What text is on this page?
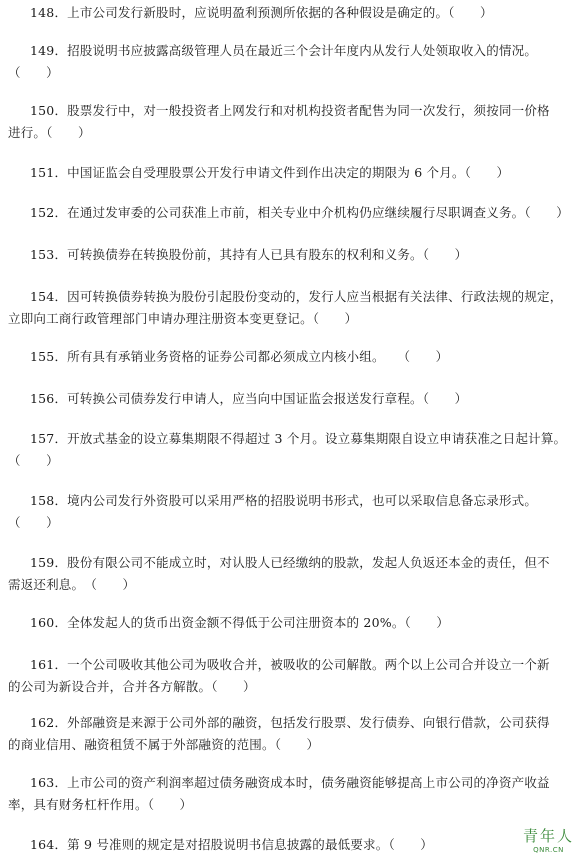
148．上市公司发行新股时，应说明盈利预测所依据的各种假设是确定的。（　　）

149．招股说明书应披露高级管理人员在最近三个会计年度内从发行人处领取收入的情况。
（　　）

150．股票发行中，对一般投资者上网发行和对机构投资者配售为同一次发行，须按同一价格
进行。（　　）

151．中国证监会自受理股票公开发行申请文件到作出决定的期限为 6 个月。（　　）

152．在通过发审委的公司获准上市前，相关专业中介机构仍应继续履行尽职调查义务。（　　）

153．可转换债券在转换股份前，其持有人已具有股东的权利和义务。（　　）

154．因可转换债券转换为股份引起股份变动的，发行人应当根据有关法律、行政法规的规定，
立即向工商行政管理部门申请办理注册资本变更登记。（　　）

155．所有具有承销业务资格的证券公司都必须成立内核小组。　　（　　）

156．可转换公司债券发行申请人，应当向中国证监会报送发行章程。（　　）

157．开放式基金的设立募集期限不得超过 3 个月。设立募集期限自设立申请获准之日起计算。
（　　）

158．境内公司发行外资股可以采用严格的招股说明书形式，也可以采取信息备忘录形式。
（　　）

159．股份有限公司不能成立时，对认股人已经缴纳的股款，发起人负返还本金的责任，但不
需返还利息。　（　　）

160．全体发起人的货币出资金额不得低于公司注册资本的 20%。（　　）

161．一个公司吸收其他公司为吸收合并，被吸收的公司解散。两个以上公司合并设立一个新
的公司为新设合并，合并各方解散。（　　）

162．外部融资是来源于公司外部的融资，包括发行股票、发行债券、向银行借款，公司获得
的商业信用、融资租赁不属于外部融资的范围。（　　）

163．上市公司的资产利润率超过债务融资成本时，债务融资能够提高上市公司的净资产收益
率，具有财务杠杆作用。（　　）

164．第 9 号准则的规定是对招股说明书信息披露的最低要求。（　　）	青年人
QNR.CN
